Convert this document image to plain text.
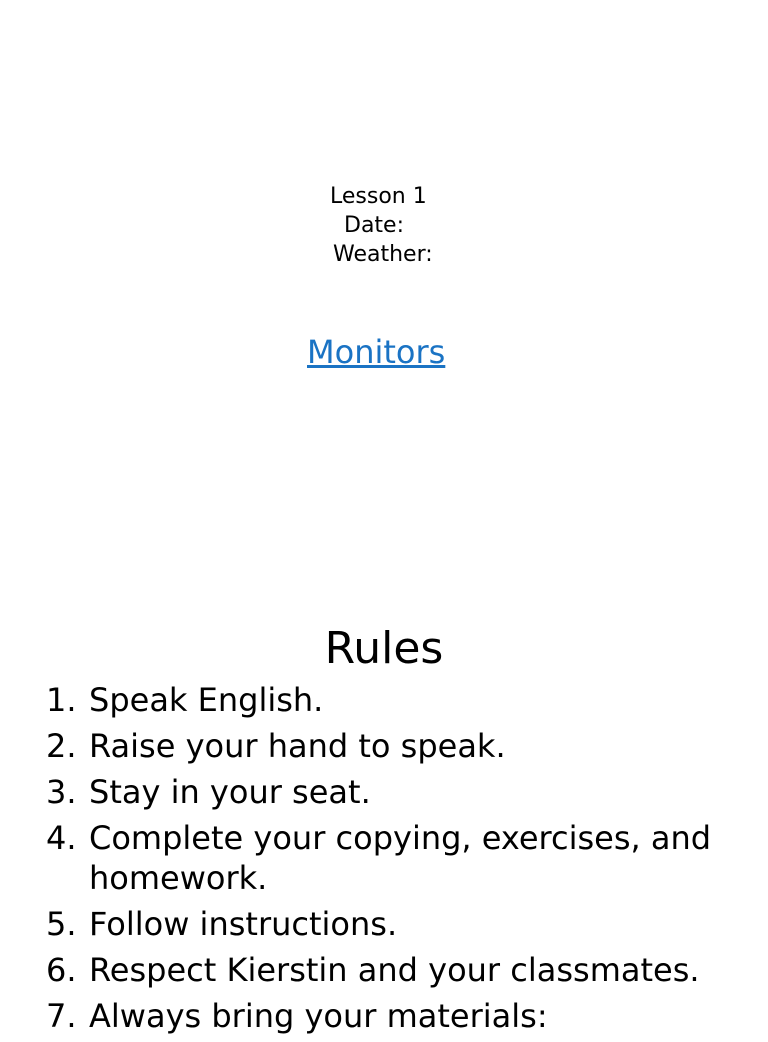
Lesson 1
Date:
Weather:
Monitors
Rules
1. Speak English.
2. Raise your hand to speak.
3. Stay in your seat.
4. Complete your copying, exercises, and homework.
5. Follow instructions.
6. Respect Kierstin and your classmates.
7. Always bring your materials:
